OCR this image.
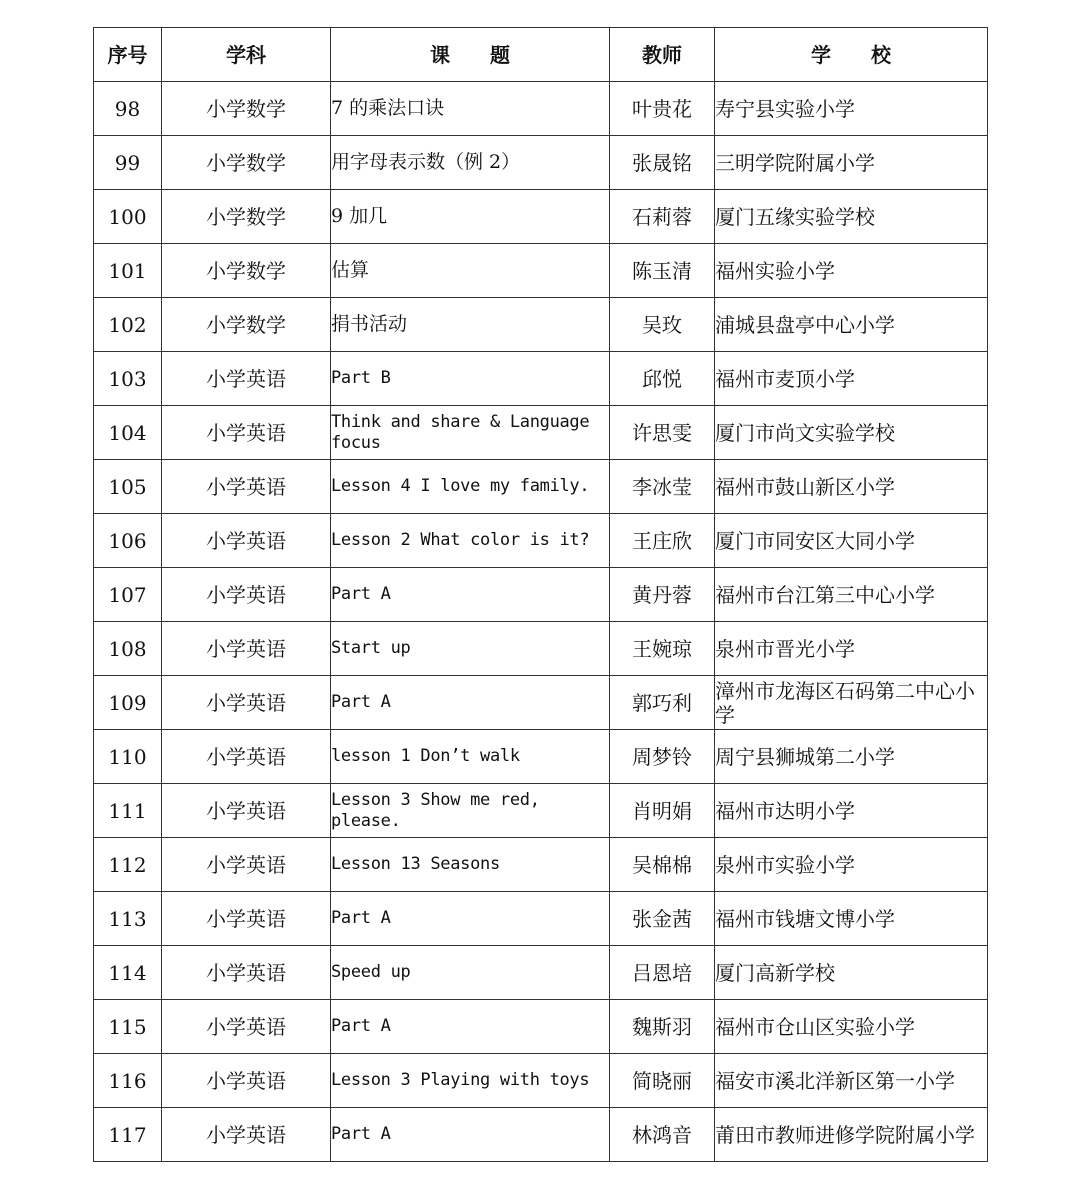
序号	学科	课　　题	教师	学　　校
98	小学数学	7 的乘法口诀	叶贵花	寿宁县实验小学
99	小学数学	用字母表示数（例 2）	张晟铭	三明学院附属小学
100	小学数学	9 加几	石莉蓉	厦门五缘实验学校
101	小学数学	估算	陈玉清	福州实验小学
102	小学数学	捐书活动	吴玫	浦城县盘亭中心小学
103	小学英语	Part B	邱悦	福州市麦顶小学
104	小学英语	Think and share & Language focus	许思雯	厦门市尚文实验学校
105	小学英语	Lesson 4 I love my family.	李冰莹	福州市鼓山新区小学
106	小学英语	Lesson 2 What color is it?	王庄欣	厦门市同安区大同小学
107	小学英语	Part A	黄丹蓉	福州市台江第三中心小学
108	小学英语	Start up	王婉琼	泉州市晋光小学
109	小学英语	Part A	郭巧利	漳州市龙海区石码第二中心小学
110	小学英语	lesson 1 Don’t walk	周梦铃	周宁县狮城第二小学
111	小学英语	Lesson 3 Show me red, please.	肖明娟	福州市达明小学
112	小学英语	Lesson 13 Seasons	吴棉棉	泉州市实验小学
113	小学英语	Part A	张金茜	福州市钱塘文博小学
114	小学英语	Speed up	吕恩培	厦门高新学校
115	小学英语	Part A	魏斯羽	福州市仓山区实验小学
116	小学英语	Lesson 3 Playing with toys	简晓丽	福安市溪北洋新区第一小学
117	小学英语	Part A	林鸿音	莆田市教师进修学院附属小学
